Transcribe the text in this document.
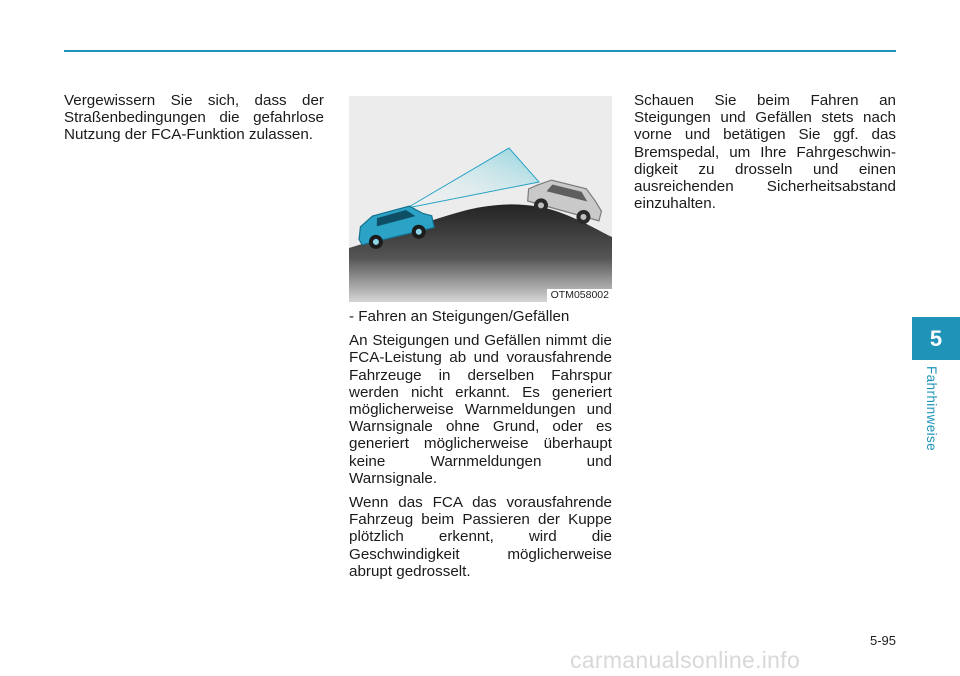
Vergewissern Sie sich, dass der Straßenbedingungen die gefahrlose Nutzung der FCA-Funktion zulassen.

OTM058002

- Fahren an Steigungen/Gefällen

An Steigungen und Gefällen nimmt die FCA-Leistung ab und vorausfahrende Fahrzeuge in derselben Fahrspur werden nicht erkannt. Es generiert möglicherweise Warnmeldungen und Warnsignale ohne Grund, oder es generiert möglicherweise überhaupt keine Warnmeldungen und Warnsignale.

Wenn das FCA das vorausfahrende Fahrzeug beim Passieren der Kuppe plötzlich erkennt, wird die Geschwindigkeit möglicherweise abrupt gedrosselt.

Schauen Sie beim Fahren an Steigungen und Gefällen stets nach vorne und betätigen Sie ggf. das Bremspedal, um Ihre Fahrgeschwindigkeit zu drosseln und einen ausreichenden Sicherheitsabstand einzuhalten.

5
Fahrhinweise
5-95
carmanualsonline.info
